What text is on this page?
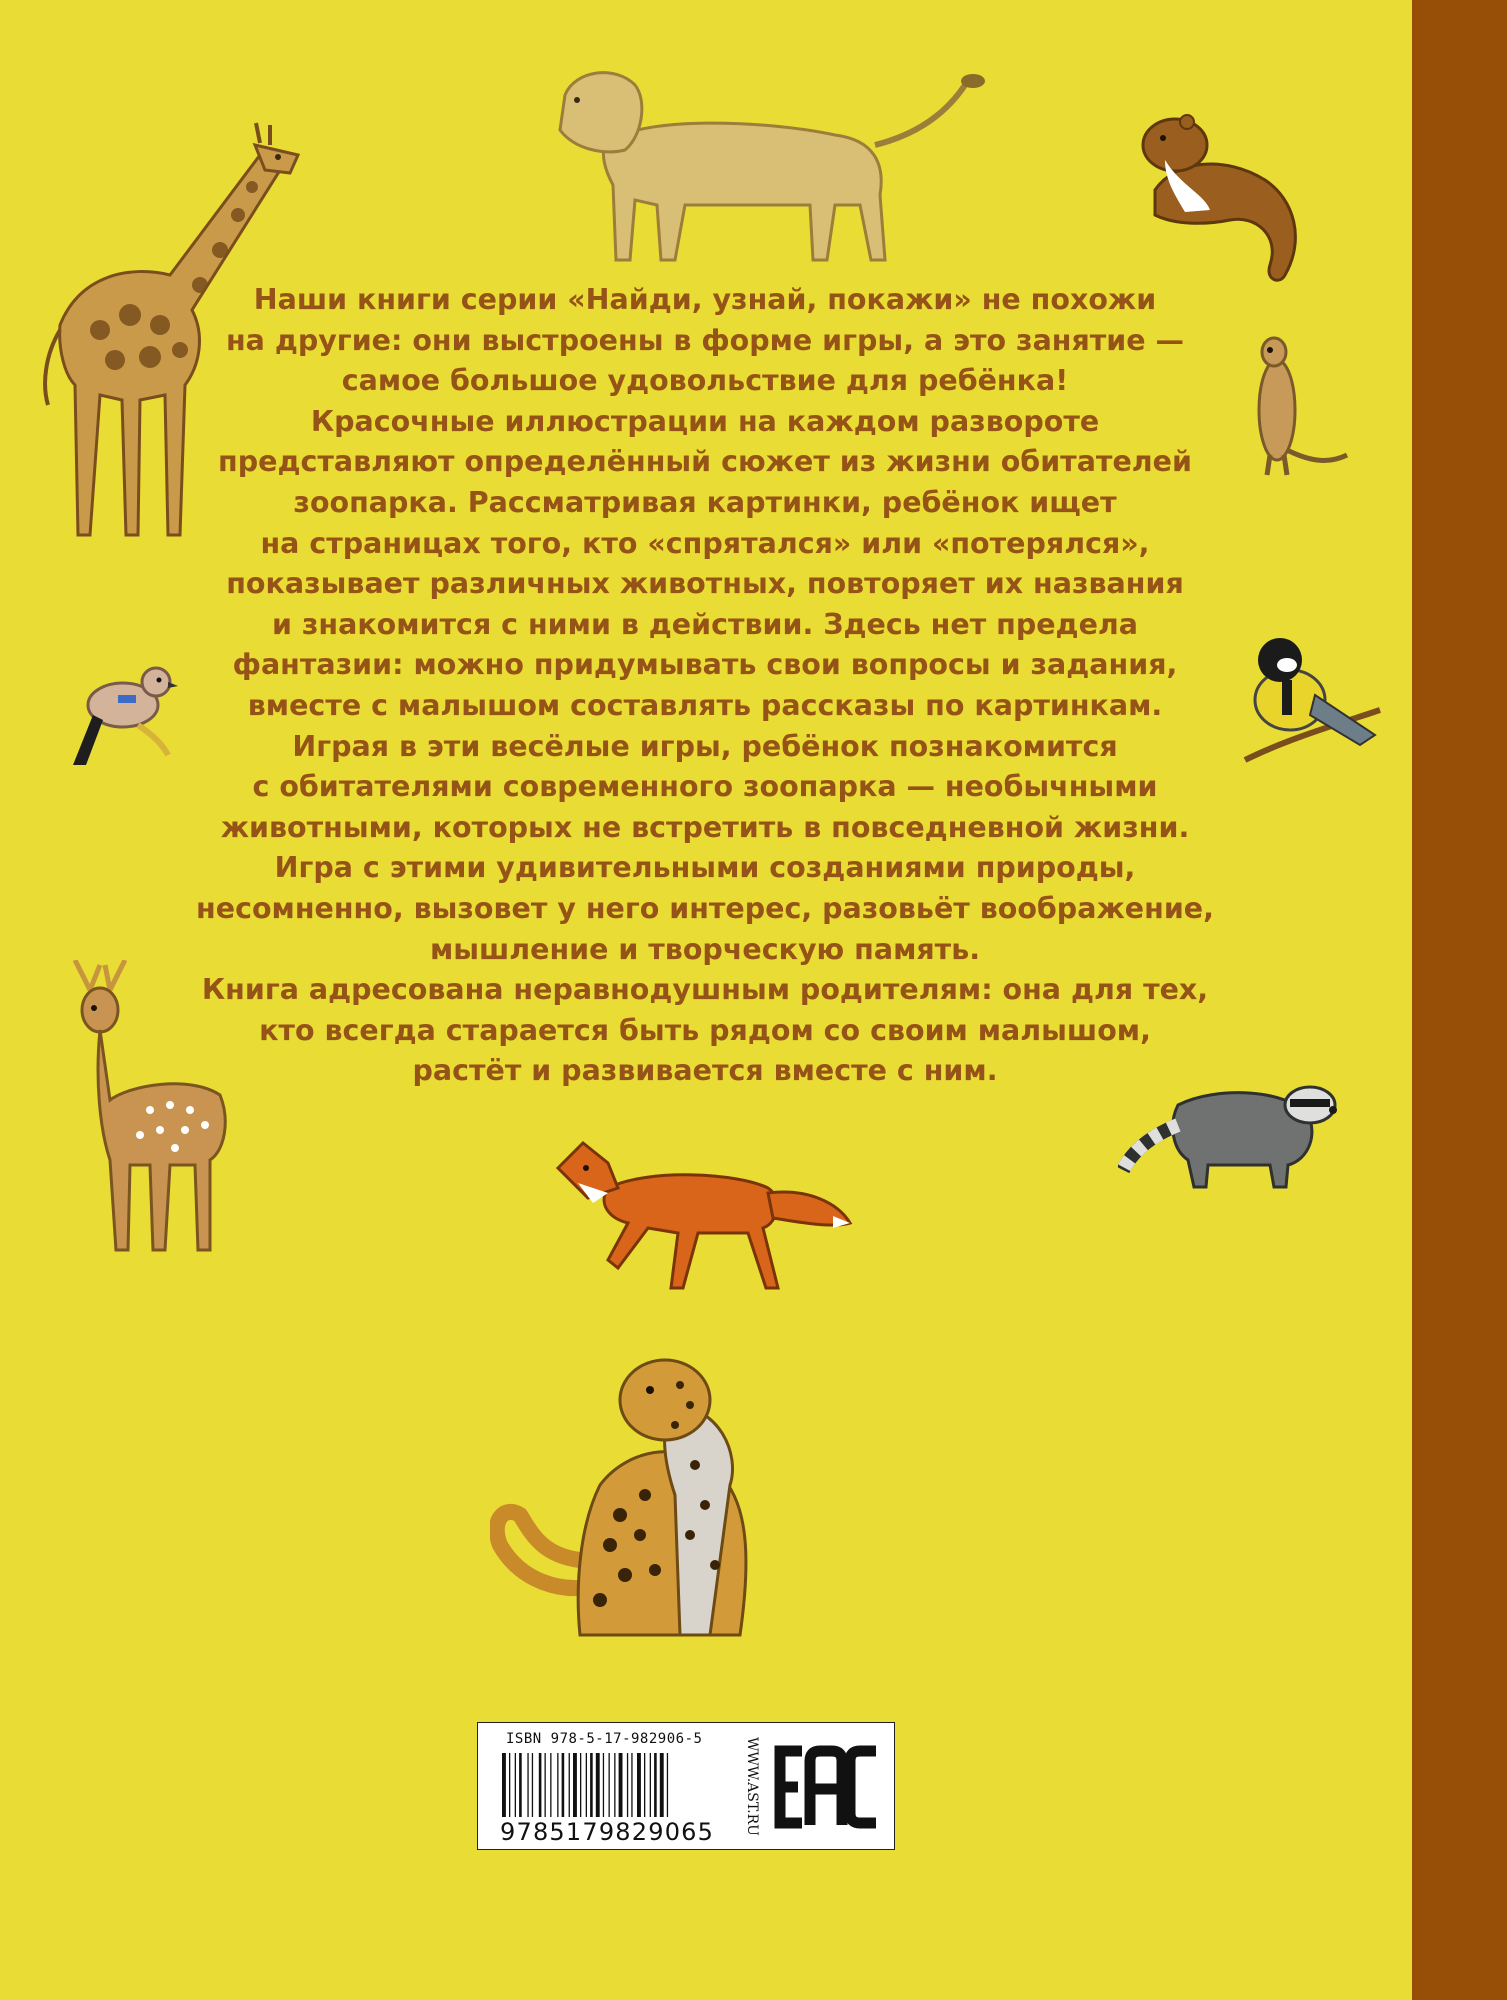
Наши книги серии «Найди, узнай, покажи» не похожи
на другие: они выстроены в форме игры, а это занятие —
самое большое удовольствие для ребёнка!
Красочные иллюстрации на каждом развороте
представляют определённый сюжет из жизни обитателей
зоопарка. Рассматривая картинки, ребёнок ищет
на страницах того, кто «спрятался» или «потерялся»,
показывает различных животных, повторяет их названия
и знакомится с ними в действии. Здесь нет предела
фантазии: можно придумывать свои вопросы и задания,
вместе с малышом составлять рассказы по картинкам.
Играя в эти весёлые игры, ребёнок познакомится
с обитателями современного зоопарка — необычными
животными, которых не встретить в повседневной жизни.
Игра с этими удивительными созданиями природы,
несомненно, вызовет у него интерес, разовьёт воображение,
мышление и творческую память.
Книга адресована неравнодушным родителям: она для тех,
кто всегда старается быть рядом со своим малышом,
растёт и развивается вместе с ним.
ISBN 978-5-17-982906-5
9785179829065	WWW.AST.RU
